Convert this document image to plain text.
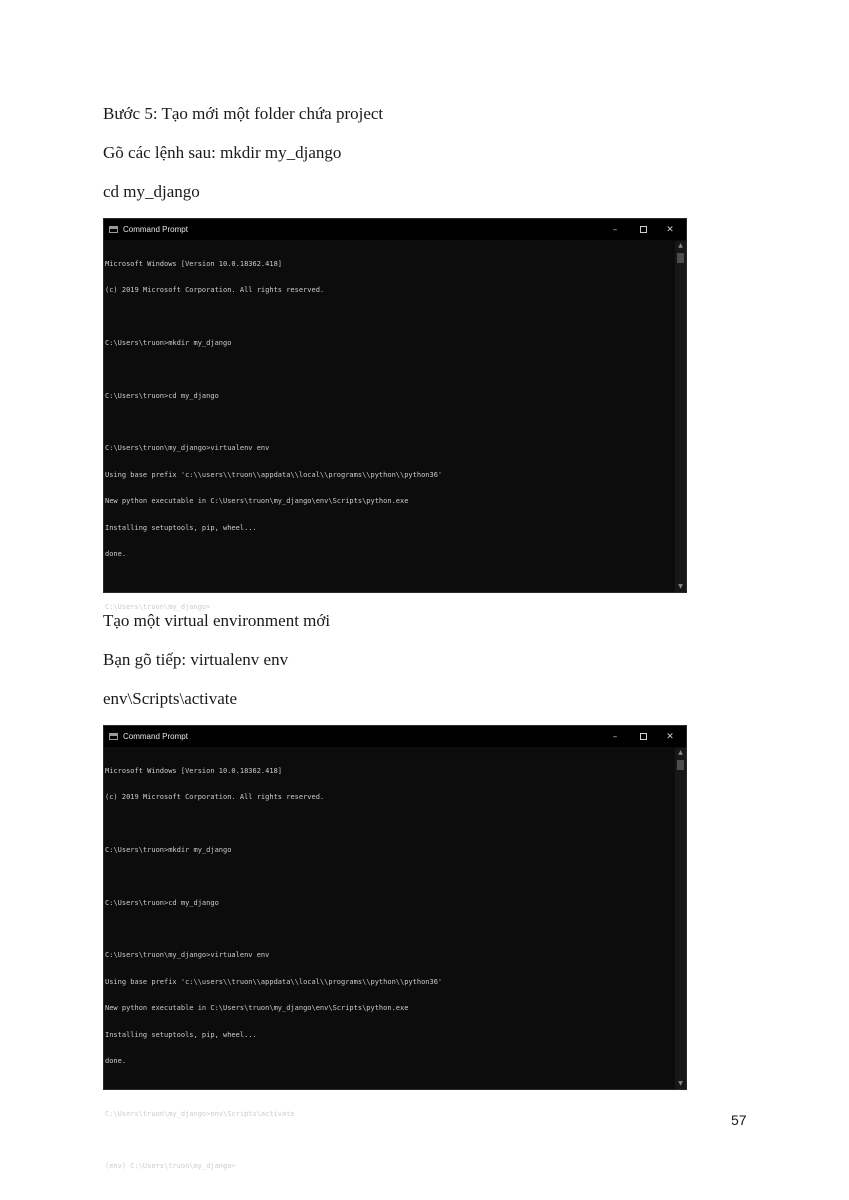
Bước 5: Tạo mới một folder chứa project

Gõ các lệnh sau: mkdir my_django

cd my_django

Command Prompt	–	✕

Microsoft Windows [Version 10.0.18362.418]

(c) 2019 Microsoft Corporation. All rights reserved.

C:\Users\truon>mkdir my_django

C:\Users\truon>cd my_django

C:\Users\truon\my_django>virtualenv env

Using base prefix 'c:\\users\\truon\\appdata\\local\\programs\\python\\python36'

New python executable in C:\Users\truon\my_django\env\Scripts\python.exe

Installing setuptools, pip, wheel...

done.

C:\Users\truon\my_django>

▲
▼

Tạo một virtual environment mới

Bạn gõ tiếp: virtualenv env

env\Scripts\activate

Command Prompt	–	✕

Microsoft Windows [Version 10.0.18362.418]

(c) 2019 Microsoft Corporation. All rights reserved.

C:\Users\truon>mkdir my_django

C:\Users\truon>cd my_django

C:\Users\truon\my_django>virtualenv env

Using base prefix 'c:\\users\\truon\\appdata\\local\\programs\\python\\python36'

New python executable in C:\Users\truon\my_django\env\Scripts\python.exe

Installing setuptools, pip, wheel...

done.

C:\Users\truon\my_django>env\Scripts\activate

(env) C:\Users\truon\my_django>

▲
▼
57
